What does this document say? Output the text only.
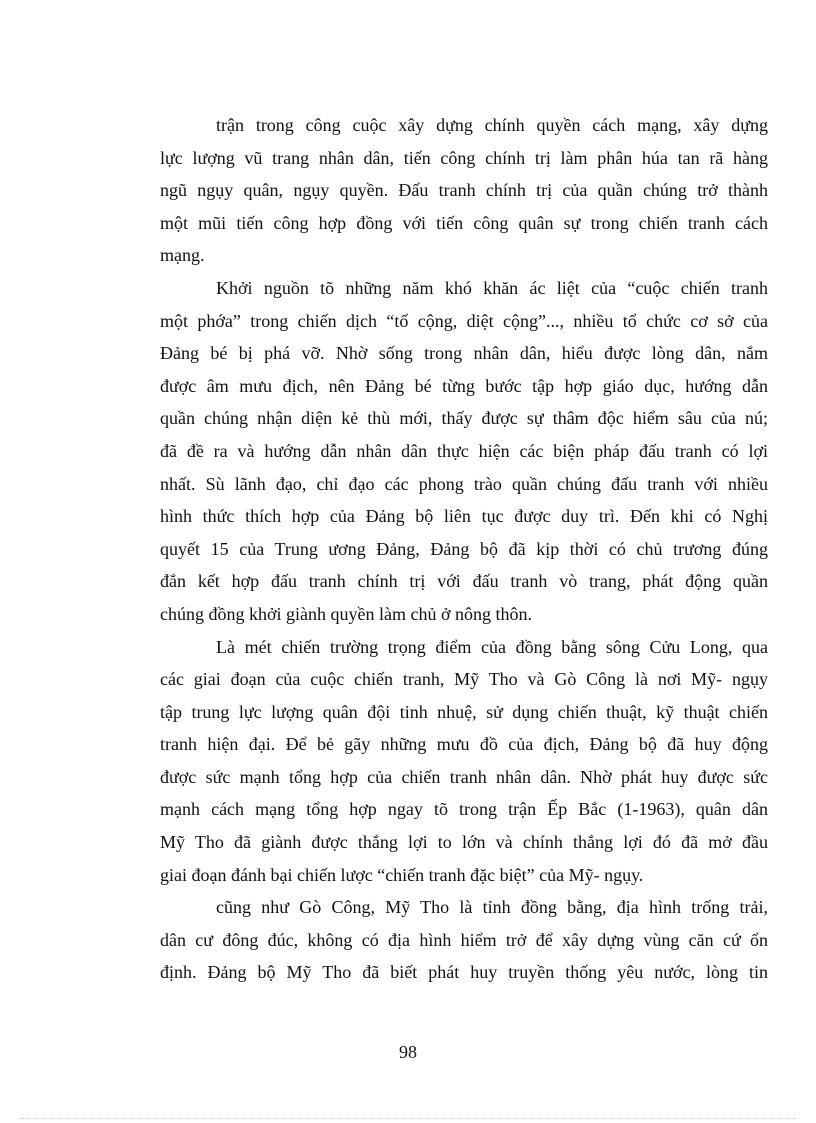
trận trong công cuộc xây dựng chính quyền cách mạng, xây dựng
lực lượng vũ trang nhân dân, tiến công chính trị làm phân húa tan rã hàng
ngũ ngụy quân, ngụy quyền. Đấu tranh chính trị của quần chúng trở thành
một mũi tiến công hợp đồng với tiến công quân sự trong chiến tranh cách
mạng.
Khởi nguồn tõ những năm khó khăn ác liệt của “cuộc chiến tranh
một phớa” trong chiến dịch “tố cộng, diệt cộng”..., nhiều tổ chức cơ sở của
Đảng bé bị phá vỡ. Nhờ sống trong nhân dân, hiểu được lòng dân, nắm
được âm mưu địch, nên Đảng bé từng bước tập hợp giáo dục, hướng dẫn
quần chúng nhận diện kẻ thù mới, thấy được sự thâm độc hiểm sâu của nú;
đã đề ra và hướng dẫn nhân dân thực hiện các biện pháp đấu tranh có lợi
nhất. Sù lãnh đạo, chỉ đạo các phong trào quần chúng đấu tranh với nhiều
hình thức thích hợp của Đảng bộ liên tục được duy trì. Đến khi có Nghị
quyết 15 của Trung ương Đảng, Đảng bộ đã kịp thời có chủ trương đúng
đắn kết hợp đấu tranh chính trị với đấu tranh vò trang, phát động quần
chúng đồng khởi giành quyền làm chủ ở nông thôn.
Là mét chiến trường trọng điểm của đồng bằng sông Cửu Long, qua
các giai đoạn của cuộc chiến tranh, Mỹ Tho và Gò Công là nơi Mỹ- ngụy
tập trung lực lượng quân đội tinh nhuệ, sử dụng chiến thuật, kỹ thuật chiến
tranh hiện đại. Để bẻ gãy những mưu đồ của địch, Đảng bộ đã huy động
được sức mạnh tổng hợp của chiến tranh nhân dân. Nhờ phát huy được sức
mạnh cách mạng tổng hợp ngay tõ trong trận Ếp Bắc (1-1963), quân dân
Mỹ Tho đã giành được thắng lợi to lớn và chính thắng lợi đó đã mở đầu
giai đoạn đánh bại chiến lược “chiến tranh đặc biệt” của Mỹ- ngụy.
cũng như Gò Công, Mỹ Tho là tỉnh đồng bằng, địa hình trống trải,
dân cư đông đúc, không có địa hình hiểm trở để xây dựng vùng căn cứ ổn
định. Đảng bộ Mỹ Tho đã biết phát huy truyền thống yêu nước, lòng tin
98
